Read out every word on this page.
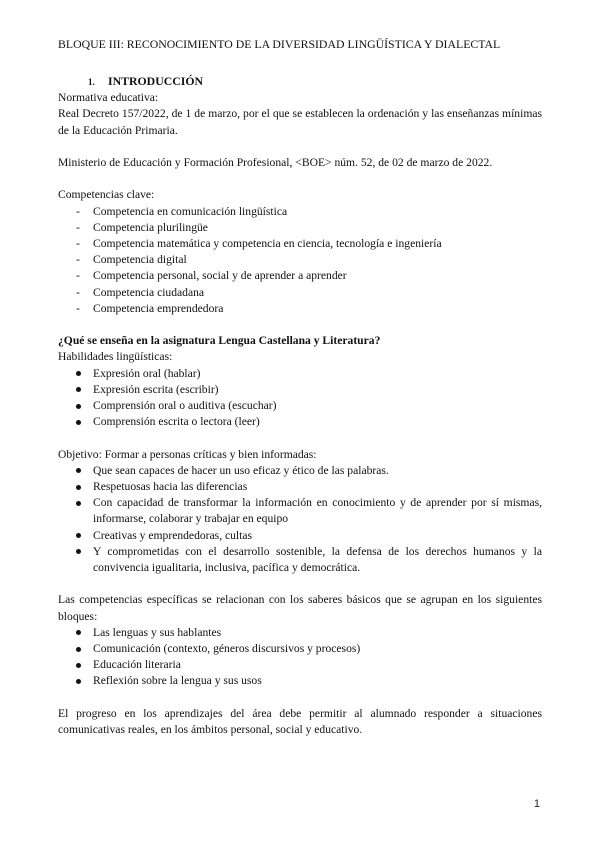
BLOQUE III: RECONOCIMIENTO DE LA DIVERSIDAD LINGÜÍSTICA Y DIALECTAL

1. INTRODUCCIÓN

Normativa educativa:

Real Decreto 157/2022, de 1 de marzo, por el que se establecen la ordenación y las enseñanzas mínimas de la Educación Primaria.

Ministerio de Educación y Formación Profesional, <BOE> núm. 52, de 02 de marzo de 2022.

Competencias clave:

- Competencia en comunicación lingüística
- Competencia plurilingüe
- Competencia matemática y competencia en ciencia, tecnología e ingeniería
- Competencia digital
- Competencia personal, social y de aprender a aprender
- Competencia ciudadana
- Competencia emprendedora

¿Qué se enseña en la asignatura Lengua Castellana y Literatura?

Habilidades lingüísticas:

Expresión oral (hablar)
Expresión escrita (escribir)
Comprensión oral o auditiva (escuchar)
Comprensión escrita o lectora (leer)

Objetivo: Formar a personas críticas y bien informadas:

Que sean capaces de hacer un uso eficaz y ético de las palabras.
Respetuosas hacia las diferencias
Con capacidad de transformar la información en conocimiento y de aprender por sí mismas, informarse, colaborar y trabajar en equipo
Creativas y emprendedoras, cultas
Y comprometidas con el desarrollo sostenible, la defensa de los derechos humanos y la convivencia igualitaria, inclusiva, pacífica y democrática.

Las competencias específicas se relacionan con los saberes básicos que se agrupan en los siguientes bloques:

Las lenguas y sus hablantes
Comunicación (contexto, géneros discursivos y procesos)
Educación literaria
Reflexión sobre la lengua y sus usos

El progreso en los aprendizajes del área debe permitir al alumnado responder a situaciones comunicativas reales, en los ámbitos personal, social y educativo.

1
